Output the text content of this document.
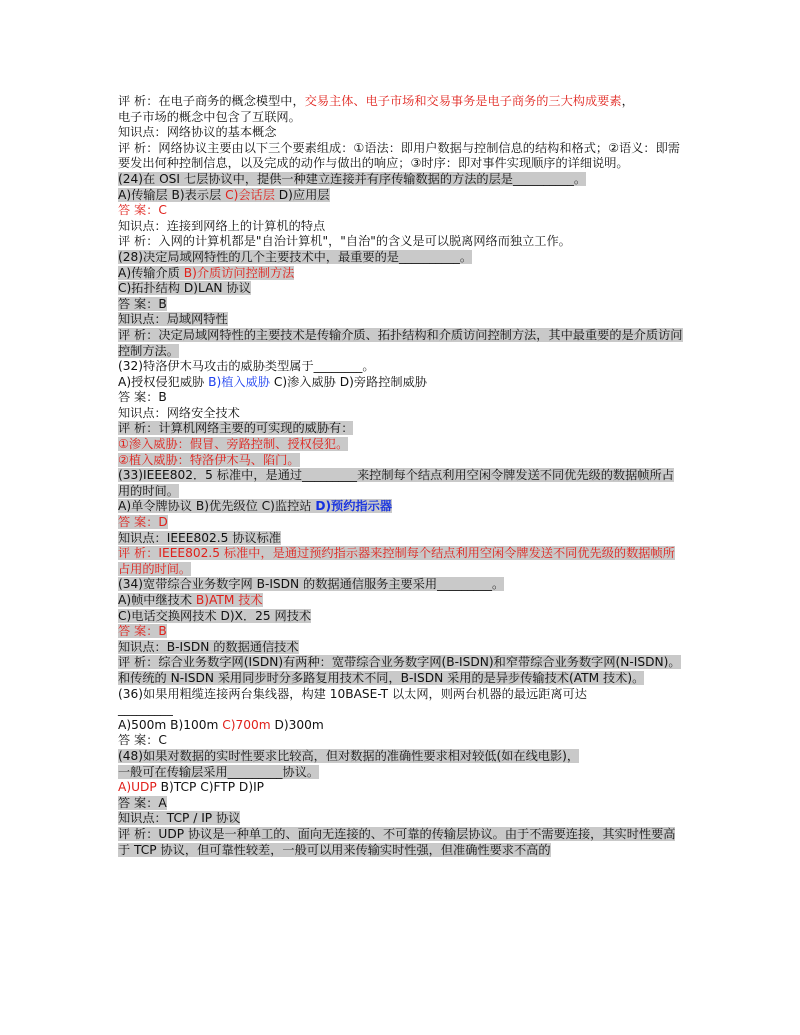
评 析：在电子商务的概念模型中，交易主体、电子市场和交易事务是电子商务的三大构成要素，
电子市场的概念中包含了互联网。
知识点：网络协议的基本概念
评 析：网络协议主要由以下三个要素组成：①语法：即用户数据与控制信息的结构和格式；②语义：即需要发出何种控制信息，以及完成的动作与做出的响应；③时序：即对事件实现顺序的详细说明。
(24)在 OSI 七层协议中，提供一种建立连接并有序传输数据的方法的层是__________。
A)传输层 B)表示层 C)会话层 D)应用层
答 案：C
知识点：连接到网络上的计算机的特点
评 析：入网的计算机都是"自治计算机"，"自治"的含义是可以脱离网络而独立工作。
(28)决定局域网特性的几个主要技术中，最重要的是__________。
A)传输介质 B)介质访问控制方法
C)拓扑结构 D)LAN 协议
答 案：B
知识点：局域网特性
评 析：决定局域网特性的主要技术是传输介质、拓扑结构和介质访问控制方法，其中最重要的是介质访问控制方法。
(32)特洛伊木马攻击的威胁类型属于________。
A)授权侵犯威胁 B)植入威胁 C)渗入威胁 D)旁路控制威胁
答 案：B
知识点：网络安全技术
评 析：计算机网络主要的可实现的威胁有：
①渗入威胁：假冒、旁路控制、授权侵犯。
②植入威胁：特洛伊木马、陷门。
(33)IEEE802．5 标准中，是通过_________来控制每个结点利用空闲令牌发送不同优先级的数据帧所占用的时间。
A)单令牌协议 B)优先级位 C)监控站 D)预约指示器
答 案：D
知识点：IEEE802.5 协议标准
评 析：IEEE802.5 标准中，是通过预约指示器来控制每个结点利用空闲令牌发送不同优先级的数据帧所占用的时间。
(34)宽带综合业务数字网 B-ISDN 的数据通信服务主要采用_________。
A)帧中继技术 B)ATM 技术
C)电话交换网技术 D)X．25 网技术
答 案：B
知识点：B-ISDN 的数据通信技术
评 析：综合业务数字网(ISDN)有两种：宽带综合业务数字网(B-ISDN)和窄带综合业务数字网(N-ISDN)。和传统的 N-ISDN 采用同步时分多路复用技术不同，B-ISDN 采用的是异步传输技术(ATM 技术)。
(36)如果用粗缆连接两台集线器，构建 10BASE-T 以太网，则两台机器的最远距离可达
_________
A)500m B)100m C)700m D)300m
答 案：C
(48)如果对数据的实时性要求比较高，但对数据的准确性要求相对较低(如在线电影)，
一般可在传输层采用_________协议。
A)UDP B)TCP C)FTP D)IP
答 案：A
知识点：TCP / IP 协议
评 析：UDP 协议是一种单工的、面向无连接的、不可靠的传输层协议。由于不需要连接，其实时性要高于 TCP 协议，但可靠性较差，一般可以用来传输实时性强，但准确性要求不高的
